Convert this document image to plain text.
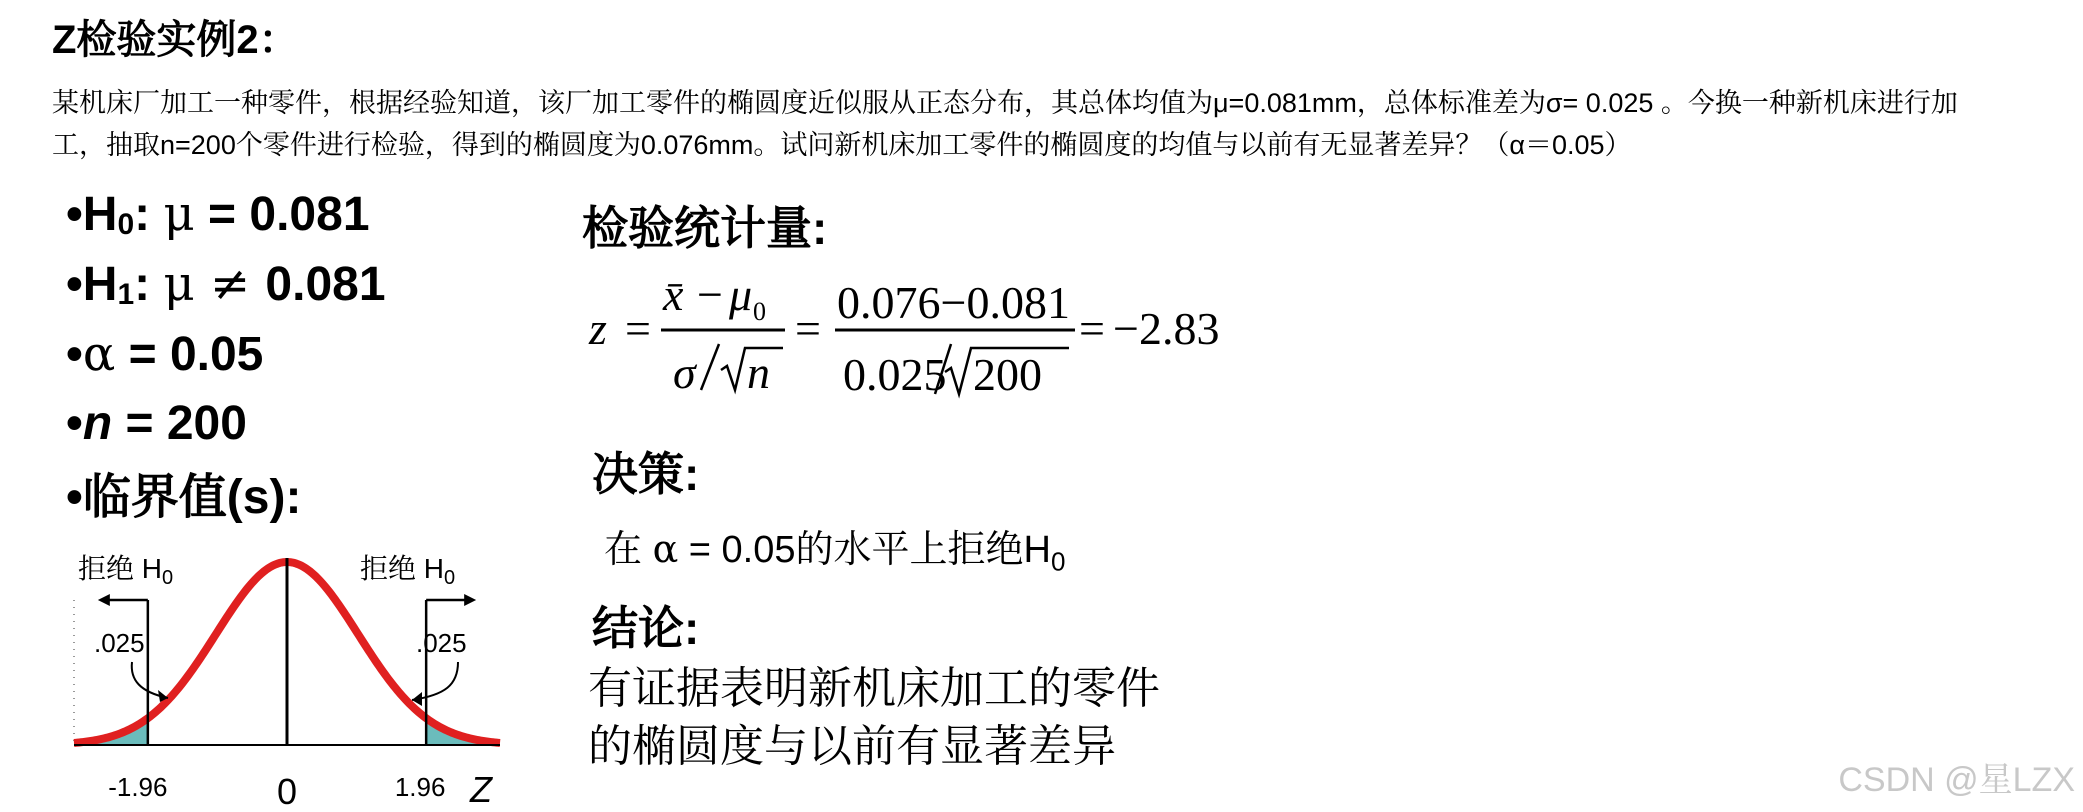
Z检验实例2：
某机床厂加工一种零件，根据经验知道，该厂加工零件的椭圆度近似服从正态分布，其总体均值为μ=0.081mm，总体标准差为σ= 0.025 。今换一种新机床进行加
工，抽取n=200个零件进行检验，得到的椭圆度为0.076mm。试问新机床加工零件的椭圆度的均值与以前有无显著差异？（α＝0.05）
$•H_0$: μ = 0.081
$•H_1$: μ ≠ 0.081
•α = 0.05
•n = 200
•临界值(s):
拒绝 $H_0$	拒绝 $H_0$
.025	.025
-1.96	0	1.96 Z
检验统计量:
z =
x̄ − μ 0
σ n
=
0.076−0.081
0.025 200
= −2.83
决策:
在 α = 0.05的水平上拒绝$H_0$
结论:
有证据表明新机床加工的零件
的椭圆度与以前有显著差异
CSDN @星LZX
